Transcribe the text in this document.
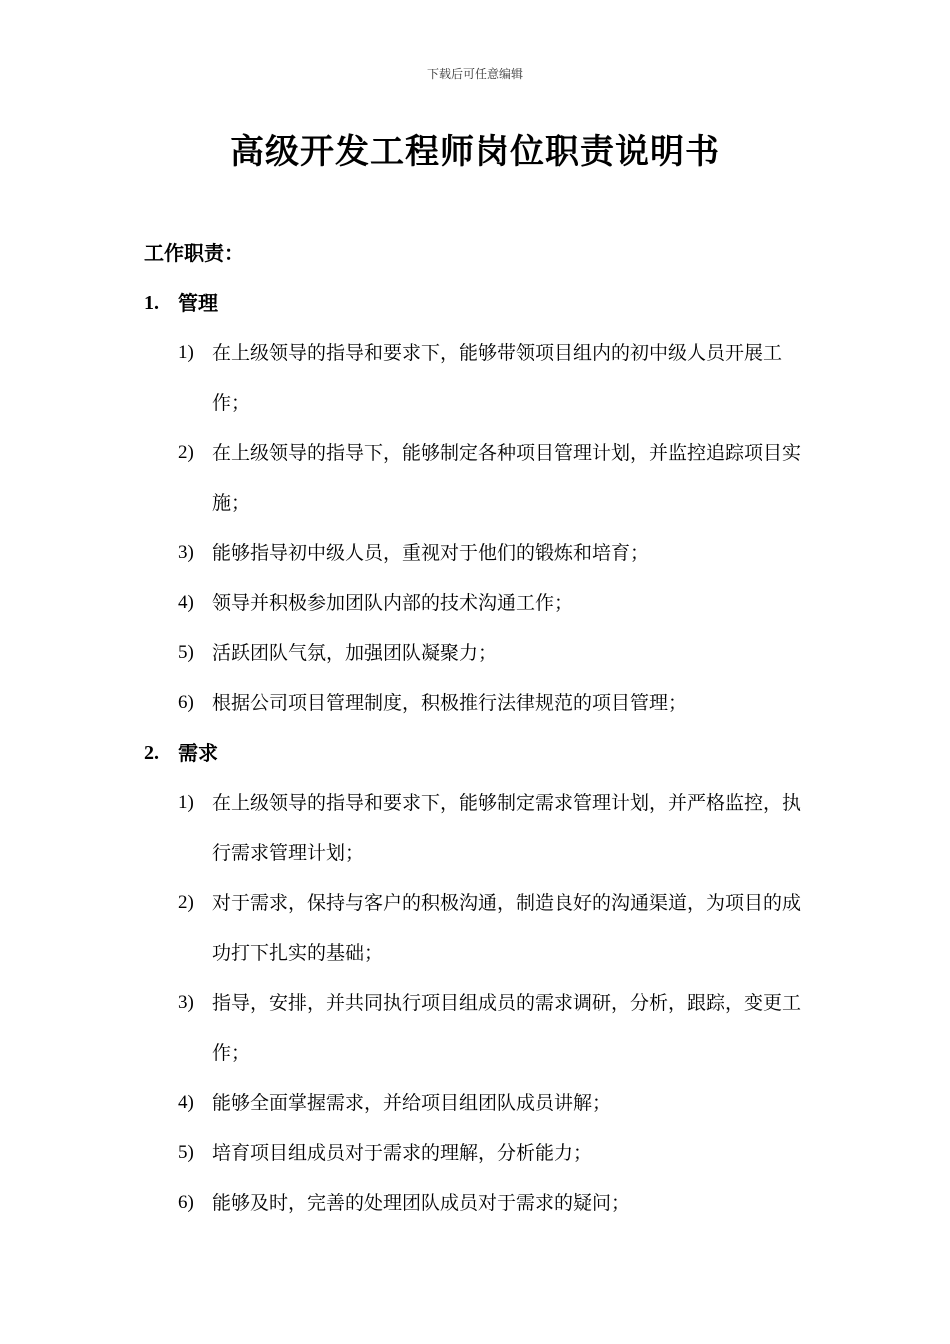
下载后可任意编辑
高级开发工程师岗位职责说明书
工作职责：
1. 管理
1) 在上级领导的指导和要求下，能够带领项目组内的初中级人员开展工作；
2) 在上级领导的指导下，能够制定各种项目管理计划，并监控追踪项目实施；
3) 能够指导初中级人员，重视对于他们的锻炼和培育；
4) 领导并积极参加团队内部的技术沟通工作；
5) 活跃团队气氛，加强团队凝聚力；
6) 根据公司项目管理制度，积极推行法律规范的项目管理；
2. 需求
1) 在上级领导的指导和要求下，能够制定需求管理计划，并严格监控，执行需求管理计划；
2) 对于需求，保持与客户的积极沟通，制造良好的沟通渠道，为项目的成功打下扎实的基础；
3) 指导，安排，并共同执行项目组成员的需求调研，分析，跟踪，变更工作；
4) 能够全面掌握需求，并给项目组团队成员讲解；
5) 培育项目组成员对于需求的理解，分析能力；
6) 能够及时，完善的处理团队成员对于需求的疑问；
